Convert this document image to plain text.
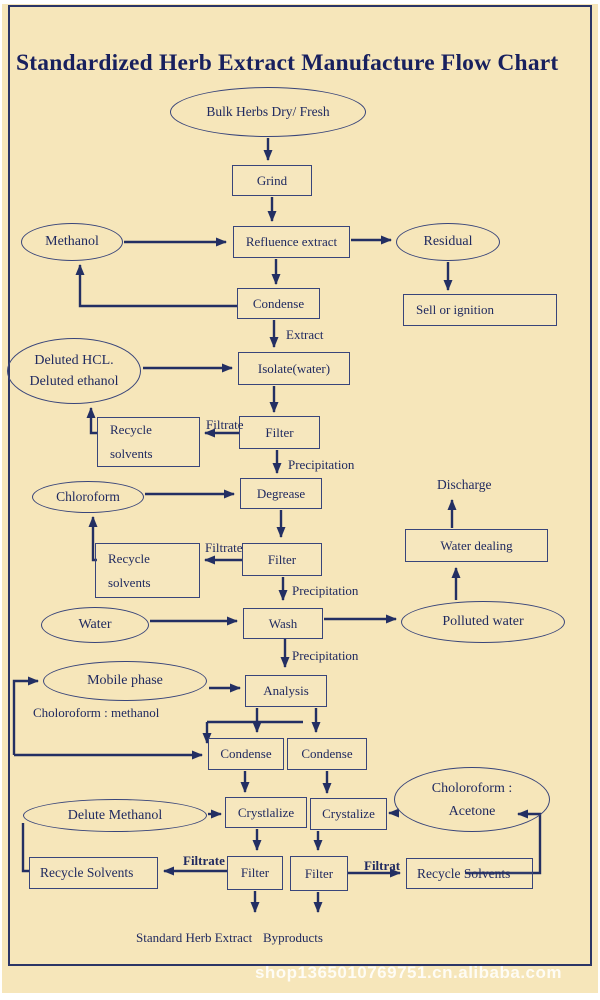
Standardized Herb Extract Manufacture Flow Chart
Bulk Herbs Dry/ Fresh
Methanol	Residual
Deluted HCL.
Deluted ethanol
Chloroform
Water	Polluted water
Mobile phase
Delute Methanol
Choloroform :
Acetone
Grind
Refluence extract
Sell or ignition
Condense
Isolate(water)
Filter
Recycle
solvents
Degrease
Filter
Recycle
solvents
Water dealing
Wash
Analysis
Condense Condense
Crystlalize Crystalize
Filter	Filter
Recycle Solvents	Recycle Solvents
Extract
Filtrate
Precipitation
Filtrate
Precipitation
Precipitation
Discharge
Choloroform : methanol
Filtrate	Filtrat
Standard Herb Extract Byproducts
shop1365010769751.cn.alibaba.com
